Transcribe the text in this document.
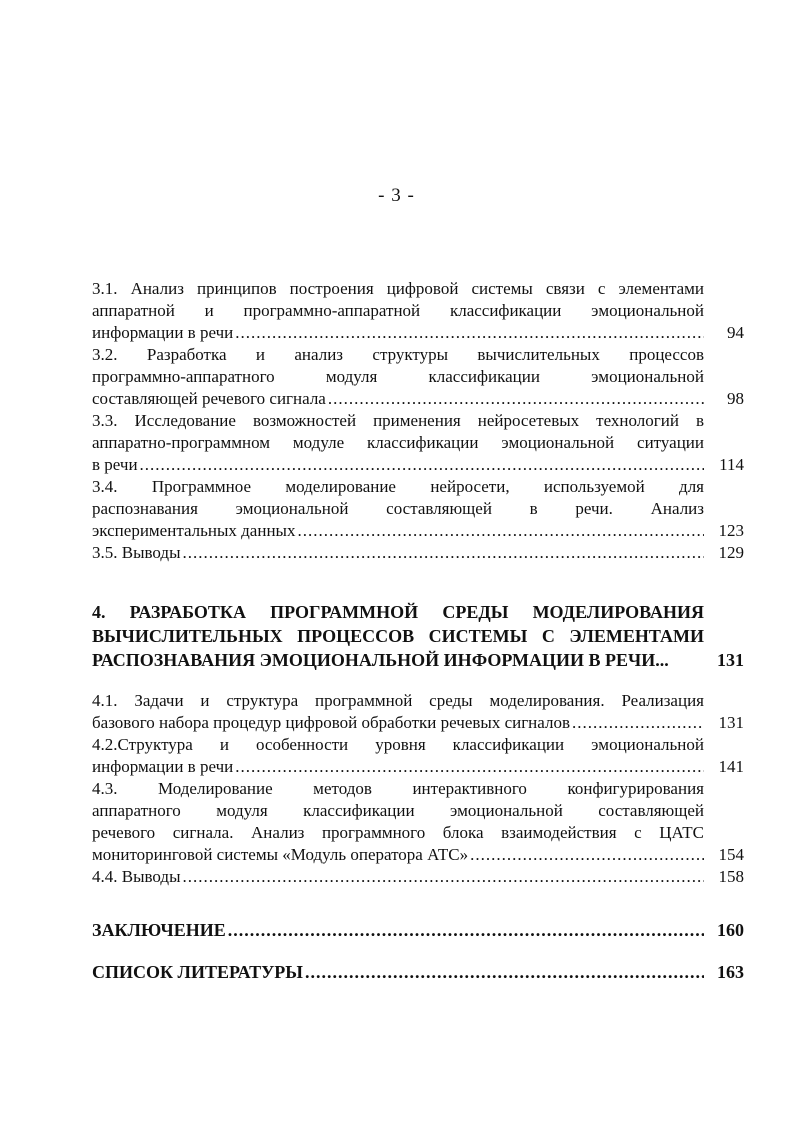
- 3 -
3.1. Анализ принципов построения цифровой системы связи с элементами
аппаратной и программно-аппаратной классификации эмоциональной
информации в речи .....	94
3.2. Разработка и анализ структуры вычислительных процессов
программно-аппаратного модуля классификации эмоциональной
составляющей речевого сигнала .....	98
3.3. Исследование возможностей применения нейросетевых технологий в
аппаратно-программном модуле классификации эмоциональной ситуации
в речи .....	114
3.4. Программное моделирование нейросети, используемой для
распознавания эмоциональной составляющей в речи. Анализ
экспериментальных данных .....	123
3.5. Выводы .....	129
4. РАЗРАБОТКА ПРОГРАММНОЙ СРЕДЫ МОДЕЛИРОВАНИЯ
ВЫЧИСЛИТЕЛЬНЫХ ПРОЦЕССОВ СИСТЕМЫ С ЭЛЕМЕНТАМИ
РАСПОЗНАВАНИЯ ЭМОЦИОНАЛЬНОЙ ИНФОРМАЦИИ В РЕЧИ...	131
4.1. Задачи и структура программной среды моделирования. Реализация
базового набора процедур цифровой обработки речевых сигналов .....	131
4.2.Структура и особенности уровня классификации эмоциональной
информации в речи .....	141
4.3. Моделирование методов интерактивного конфигурирования
аппаратного модуля классификации эмоциональной составляющей
речевого сигнала. Анализ программного блока взаимодействия с ЦАТС
мониторинговой системы «Модуль оператора АТС» .....	154
4.4. Выводы .....	158
ЗАКЛЮЧЕНИЕ .....	160
СПИСОК ЛИТЕРАТУРЫ .....	163
